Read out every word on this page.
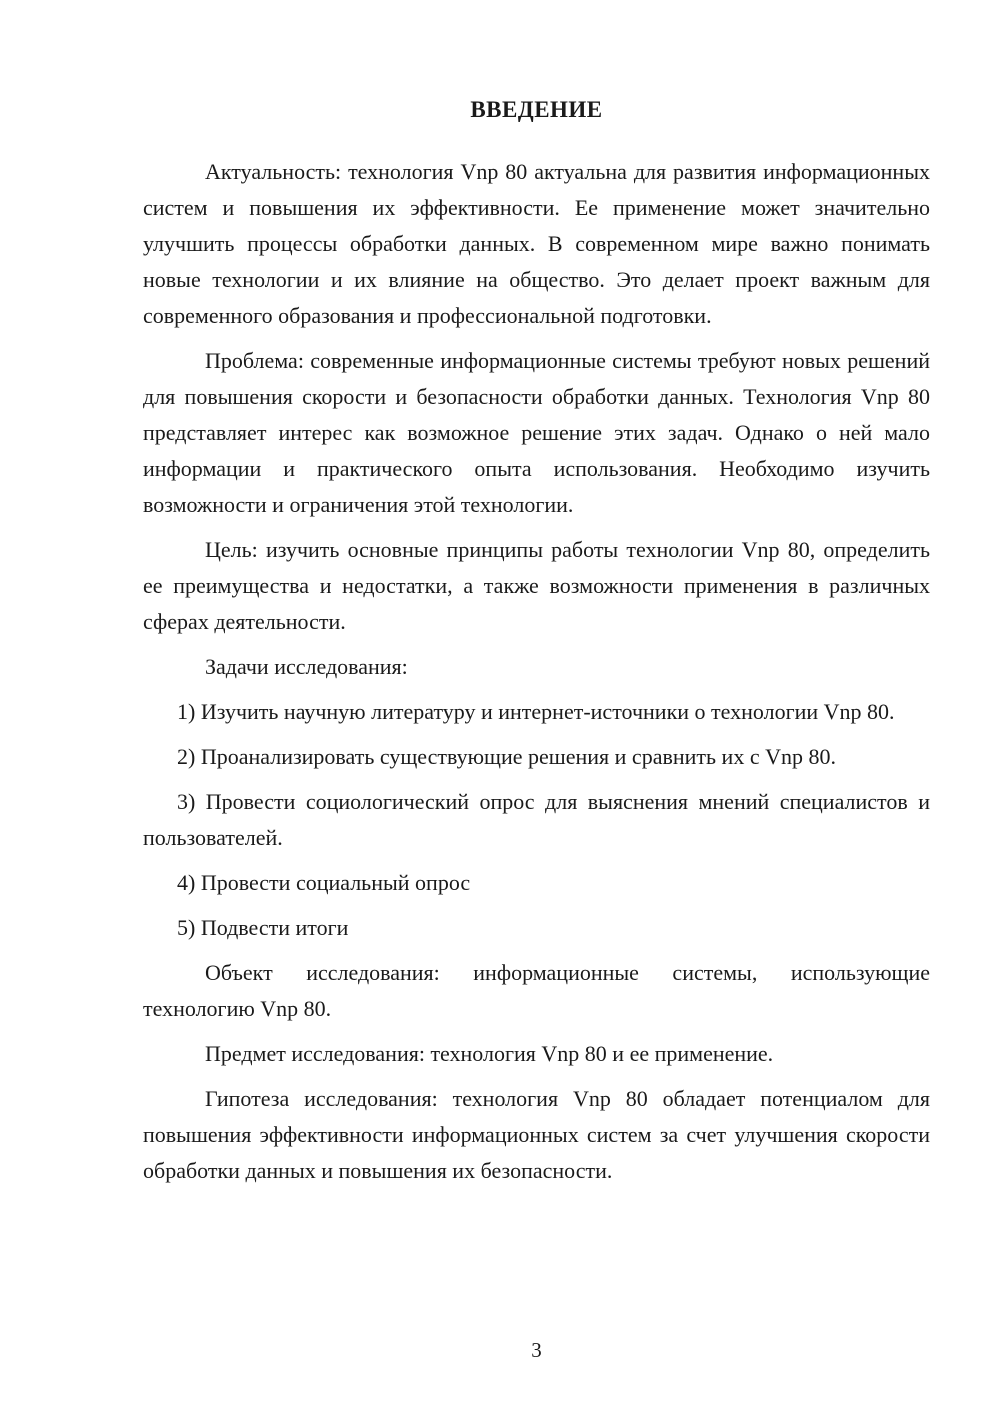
ВВЕДЕНИЕ

Актуальность: технология Vnp 80 актуальна для развития информационных систем и повышения их эффективности. Ее применение может значительно улучшить процессы обработки данных. В современном мире важно понимать новые технологии и их влияние на общество. Это делает проект важным для современного образования и профессиональной подготовки.

Проблема: современные информационные системы требуют новых решений для повышения скорости и безопасности обработки данных. Технология Vnp 80 представляет интерес как возможное решение этих задач. Однако о ней мало информации и практического опыта использования. Необходимо изучить возможности и ограничения этой технологии.

Цель: изучить основные принципы работы технологии Vnp 80, определить ее преимущества и недостатки, а также возможности применения в различных сферах деятельности.

Задачи исследования:

1) Изучить научную литературу и интернет-источники о технологии Vnp 80.

2) Проанализировать существующие решения и сравнить их с Vnp 80.

3) Провести социологический опрос для выяснения мнений специалистов и пользователей.

4) Провести социальный опрос

5) Подвести итоги

Объект исследования: информационные системы, использующие технологию Vnp 80.

Предмет исследования: технология Vnp 80 и ее применение.

Гипотеза исследования: технология Vnp 80 обладает потенциалом для повышения эффективности информационных систем за счет улучшения скорости обработки данных и повышения их безопасности.

3
